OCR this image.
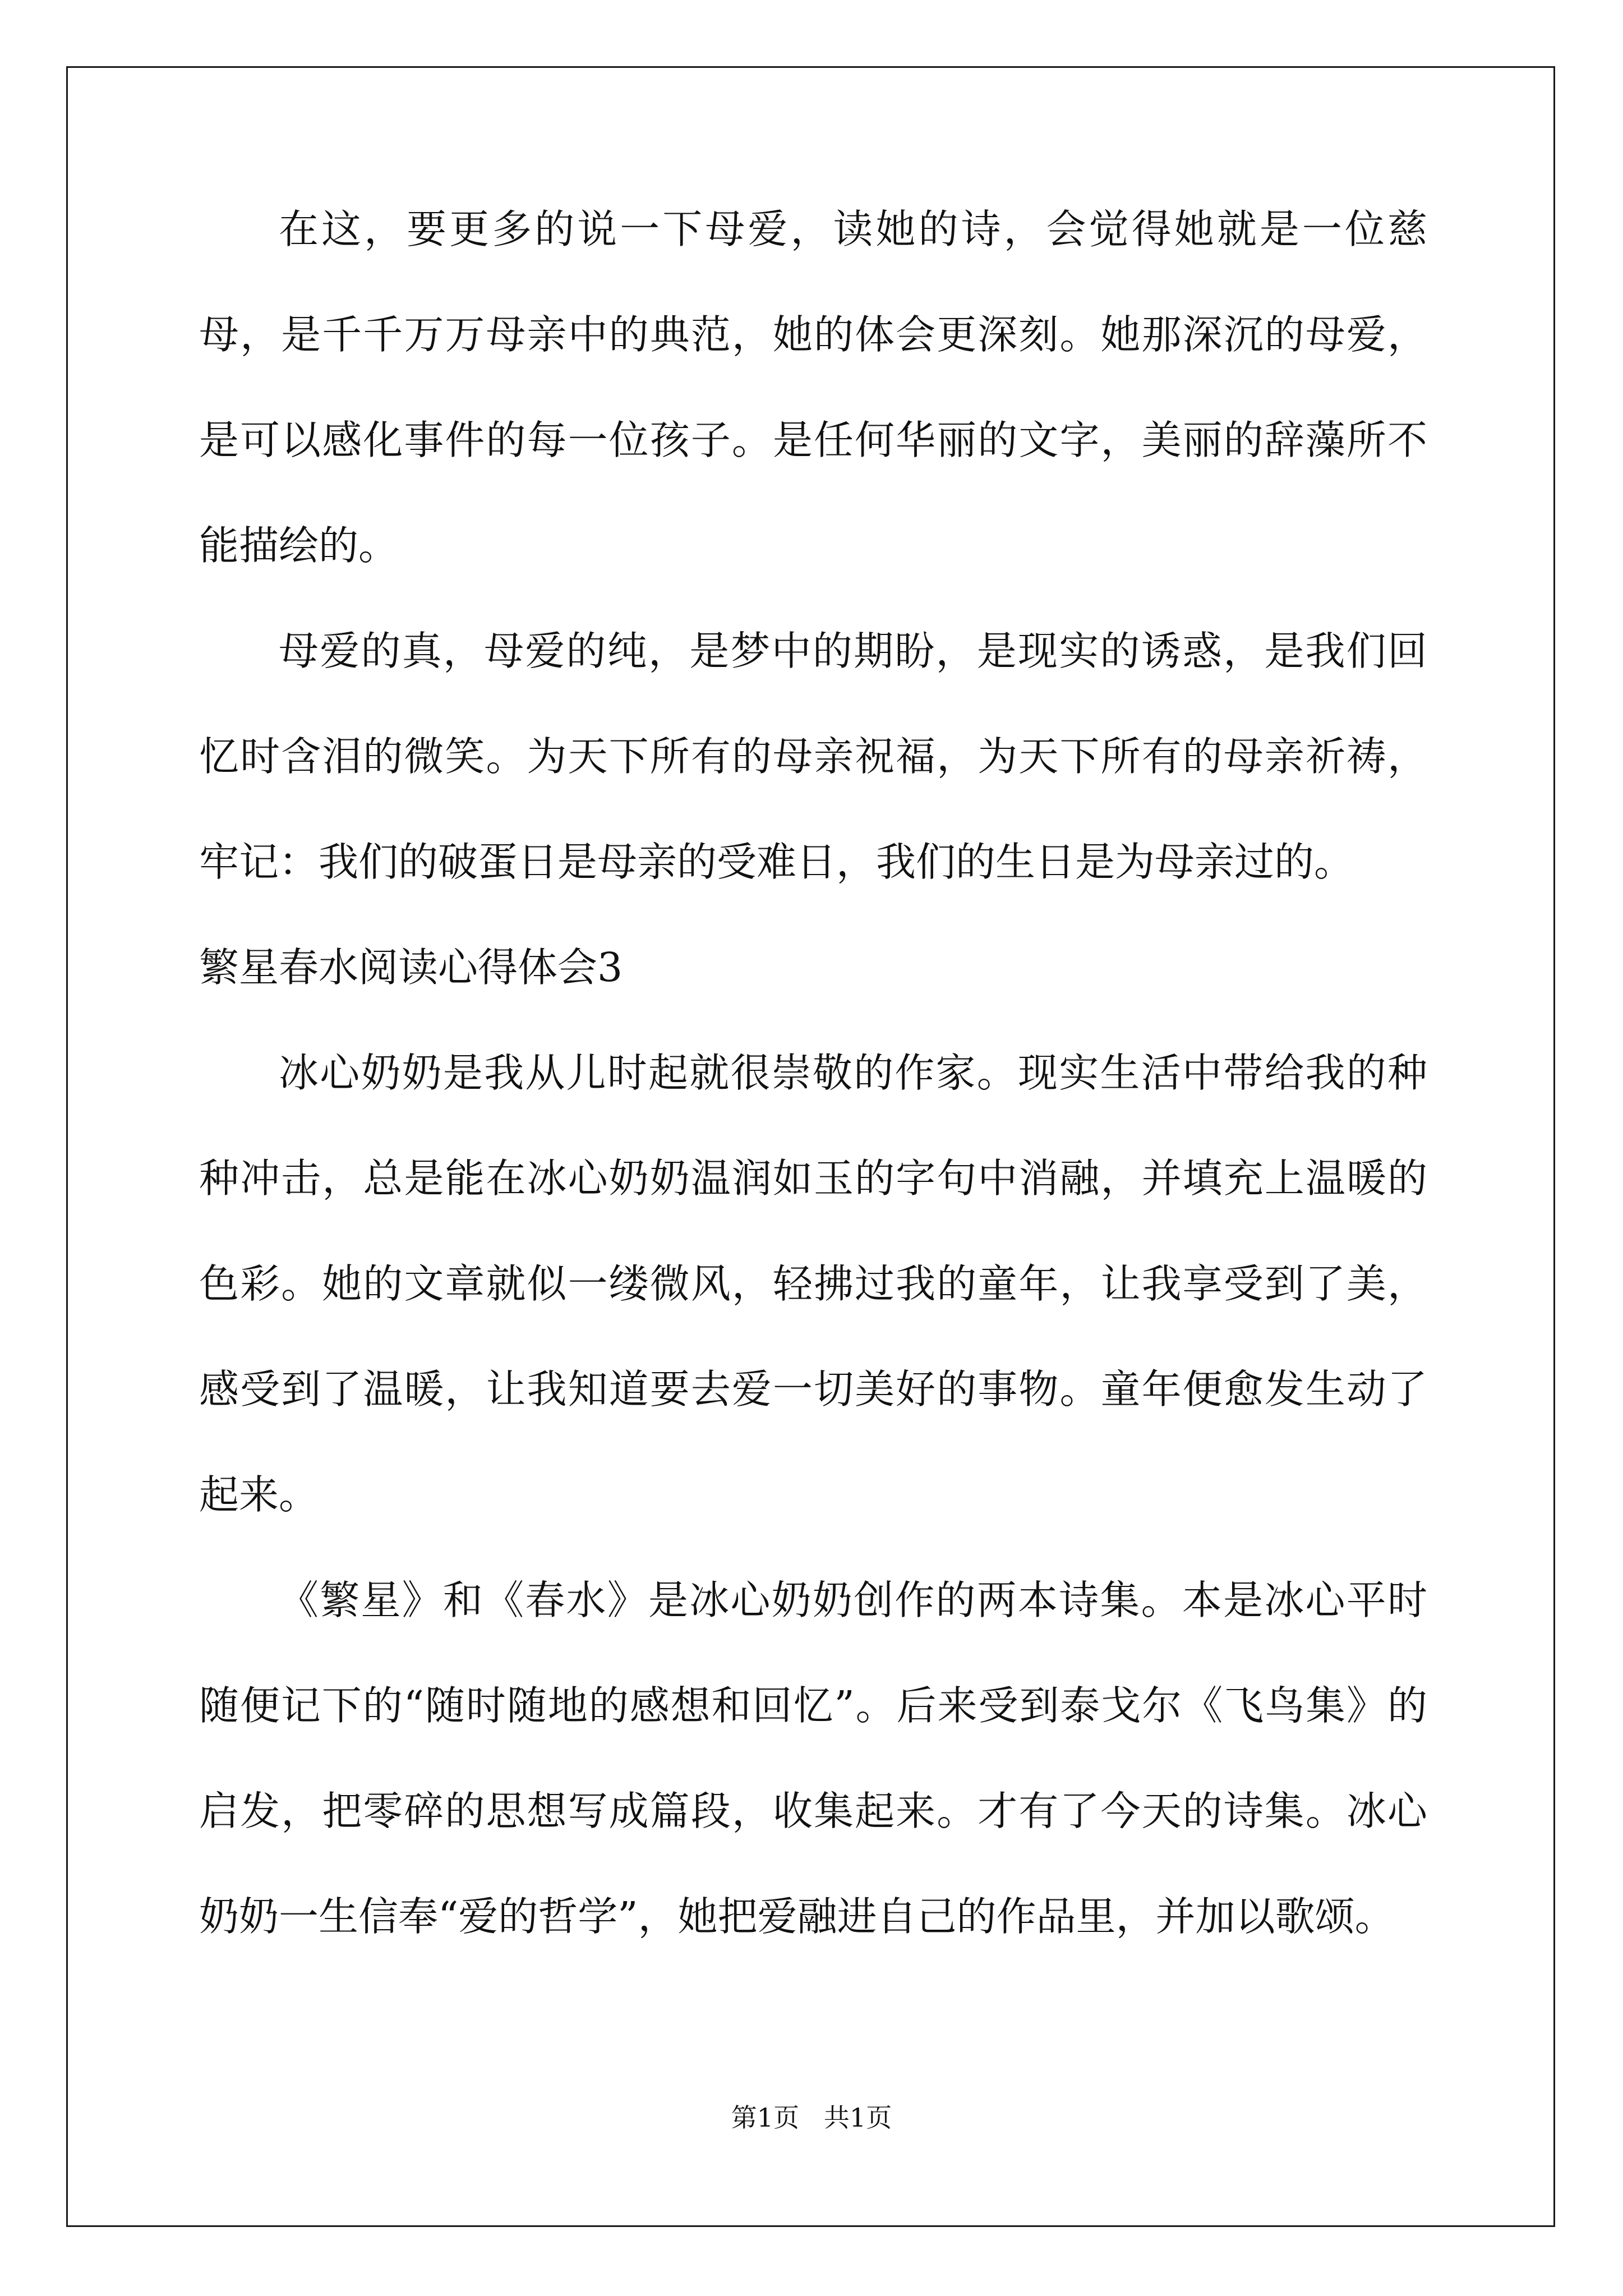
在这，要更多的说一下母爱，读她的诗，会觉得她就是一位慈母，是千千万万母亲中的典范，她的体会更深刻。她那深沉的母爱，是可以感化事件的每一位孩子。是任何华丽的文字，美丽的辞藻所不能描绘的。

母爱的真，母爱的纯，是梦中的期盼，是现实的诱惑，是我们回忆时含泪的微笑。为天下所有的母亲祝福，为天下所有的母亲祈祷，牢记：我们的破蛋日是母亲的受难日，我们的生日是为母亲过的。

繁星春水阅读心得体会3

冰心奶奶是我从儿时起就很崇敬的作家。现实生活中带给我的种种冲击，总是能在冰心奶奶温润如玉的字句中消融，并填充上温暖的色彩。她的文章就似一缕微风，轻拂过我的童年，让我享受到了美，感受到了温暖，让我知道要去爱一切美好的事物。童年便愈发生动了起来。

《繁星》和《春水》是冰心奶奶创作的两本诗集。本是冰心平时随便记下的“随时随地的感想和回忆”。后来受到泰戈尔《飞鸟集》的启发，把零碎的思想写成篇段，收集起来。才有了今天的诗集。冰心奶奶一生信奉“爱的哲学”，她把爱融进自己的作品里，并加以歌颂。

第1页   共1页
